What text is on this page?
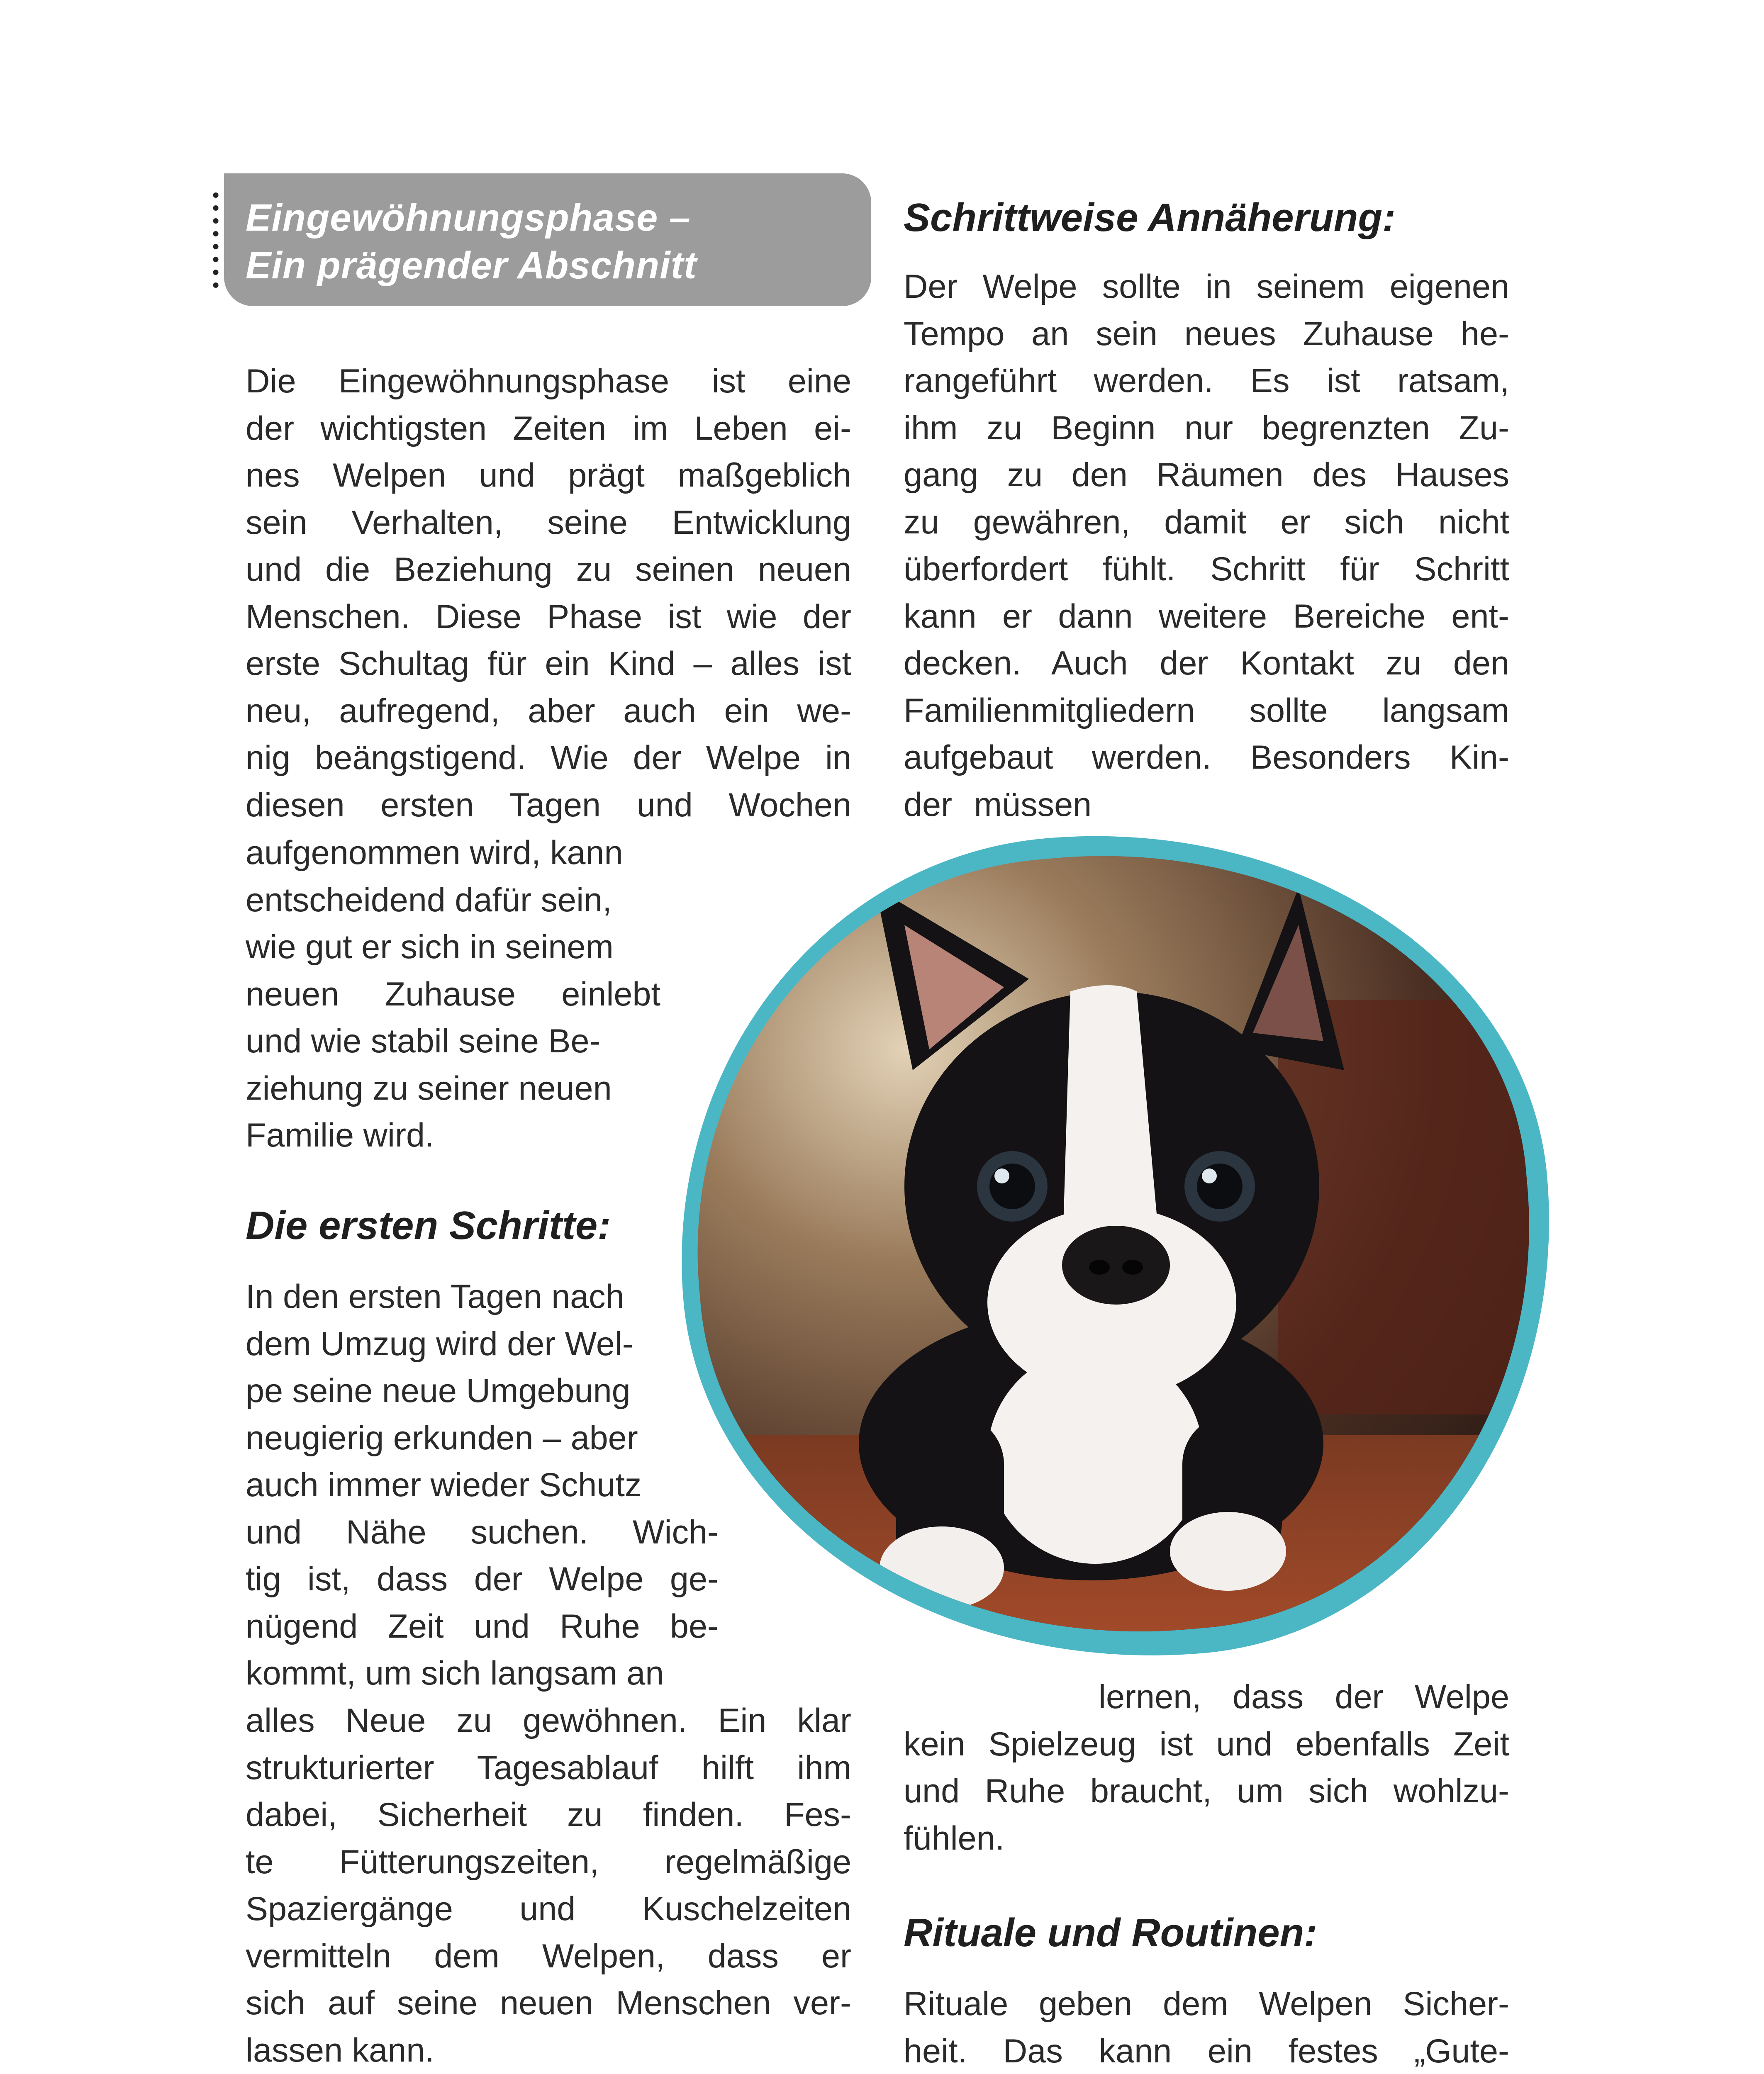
Eingewöhnungsphase –
Ein prägender Abschnitt
Die Eingewöhnungsphase ist eine
der wichtigsten Zeiten im Leben ei-
nes Welpen und prägt maßgeblich
sein Verhalten, seine Entwicklung
und die Beziehung zu seinen neuen
Menschen. Diese Phase ist wie der
erste Schultag für ein Kind – alles ist
neu, aufregend, aber auch ein we-
nig beängstigend. Wie der Welpe in
diesen ersten Tagen und Wochen
aufgenommen wird, kann
entscheidend dafür sein,
wie gut er sich in seinem
neuen Zuhause einlebt
und wie stabil seine Be-
ziehung zu seiner neuen
Familie wird.
Die ersten Schritte:
In den ersten Tagen nach
dem Umzug wird der Wel-
pe seine neue Umgebung
neugierig erkunden – aber
auch immer wieder Schutz
und Nähe suchen. Wich-
tig ist, dass der Welpe ge-
nügend Zeit und Ruhe be-
kommt, um sich langsam an
alles Neue zu gewöhnen. Ein klar
strukturierter Tagesablauf hilft ihm
dabei, Sicherheit zu finden. Fes-
te Fütterungszeiten, regelmäßige
Spaziergänge und Kuschelzeiten
vermitteln dem Welpen, dass er
sich auf seine neuen Menschen ver-
lassen kann.
Schrittweise Annäherung:
Der Welpe sollte in seinem eigenen
Tempo an sein neues Zuhause he-
rangeführt werden. Es ist ratsam,
ihm zu Beginn nur begrenzten Zu-
gang zu den Räumen des Hauses
zu gewähren, damit er sich nicht
überfordert fühlt. Schritt für Schritt
kann er dann weitere Bereiche ent-
decken. Auch der Kontakt zu den
Familienmitgliedern sollte langsam
aufgebaut werden. Besonders Kin-
der müssen
lernen, dass der Welpe
kein Spielzeug ist und ebenfalls Zeit
und Ruhe braucht, um sich wohlzu-
fühlen.
Rituale und Routinen:
Rituale geben dem Welpen Sicher-
heit. Das kann ein festes „Gute-
